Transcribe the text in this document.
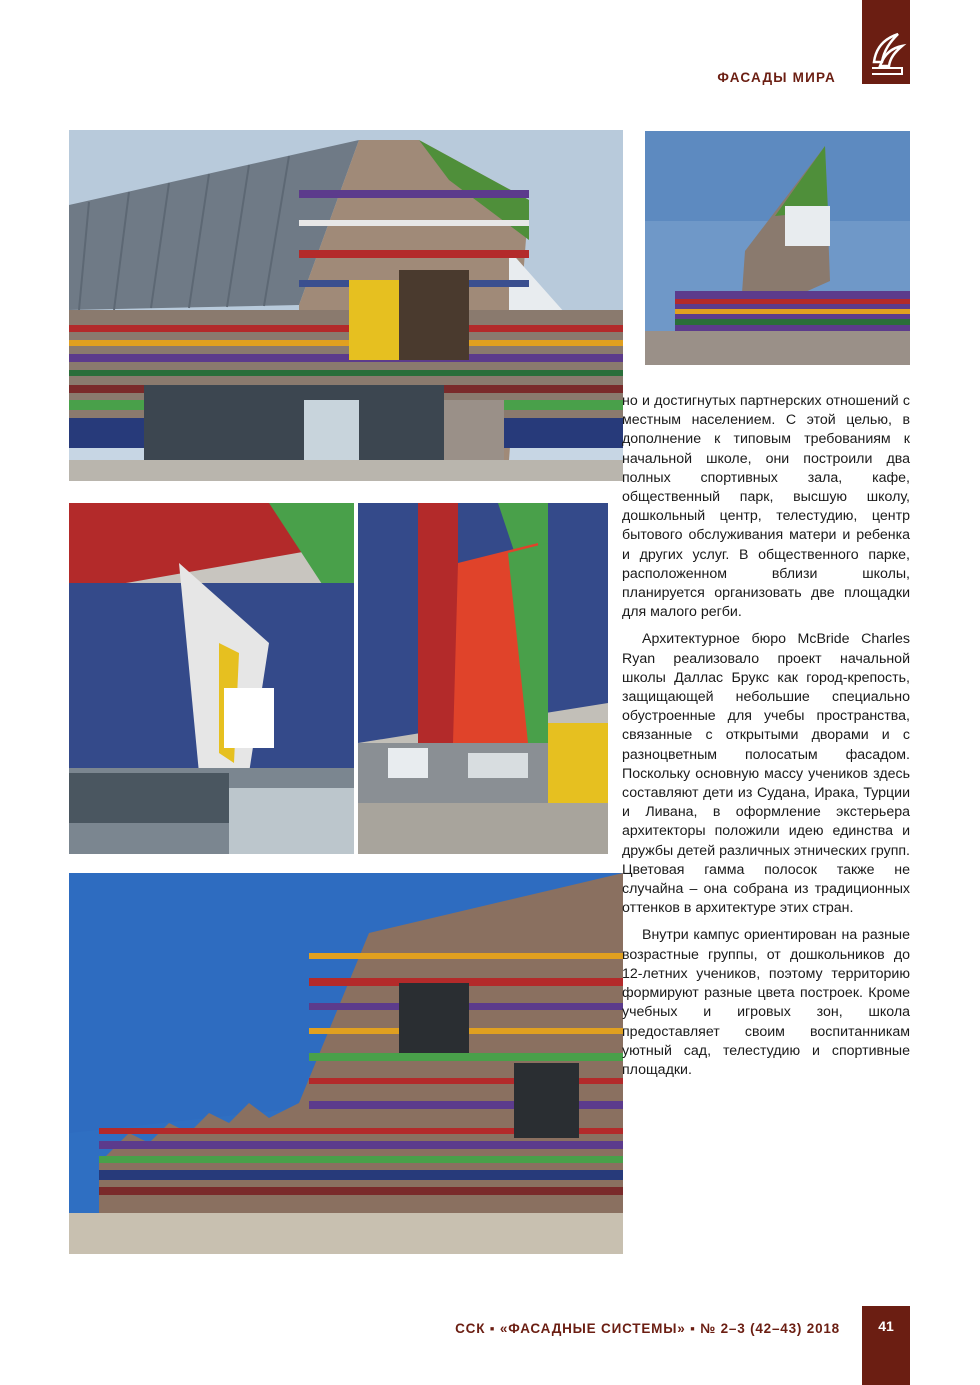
ФАСАДЫ МИРА

но и достигнутых партнерских отношений с местным населением. С этой целью, в дополнение к типовым требованиям к начальной школе, они построили два полных спортивных зала, кафе, общественный парк, высшую школу, дошкольный центр, телестудию, центр бытового обслуживания матери и ребенка и других услуг. В общественного парке, расположенном вблизи школы, планируется организовать две площадки для малого регби.

Архитектурное бюро McBride Charles Ryan реализовало проект начальной школы Даллас Брукс как город-крепость, защищающей небольшие специально обустроенные для учебы пространства, связанные с открытыми дворами и с разноцветным полосатым фасадом. Поскольку основную массу учеников здесь составляют дети из Судана, Ирака, Турции и Ливана, в оформление экстерьера архитекторы положили идею единства и дружбы детей различных этнических групп. Цветовая гамма полосок также не случайна – она собрана из традиционных оттенков в архитектуре этих стран.

Внутри кампус ориентирован на разные возрастные группы, от дошкольников до 12-летних учеников, поэтому территорию формируют разные цвета построек. Кроме учебных и игровых зон, школа предоставляет своим воспитанникам уютный сад, телестудию и спортивные площадки.

ССК ▪ «ФАСАДНЫЕ СИСТЕМЫ» ▪ № 2–3 (42–43) 2018	41
